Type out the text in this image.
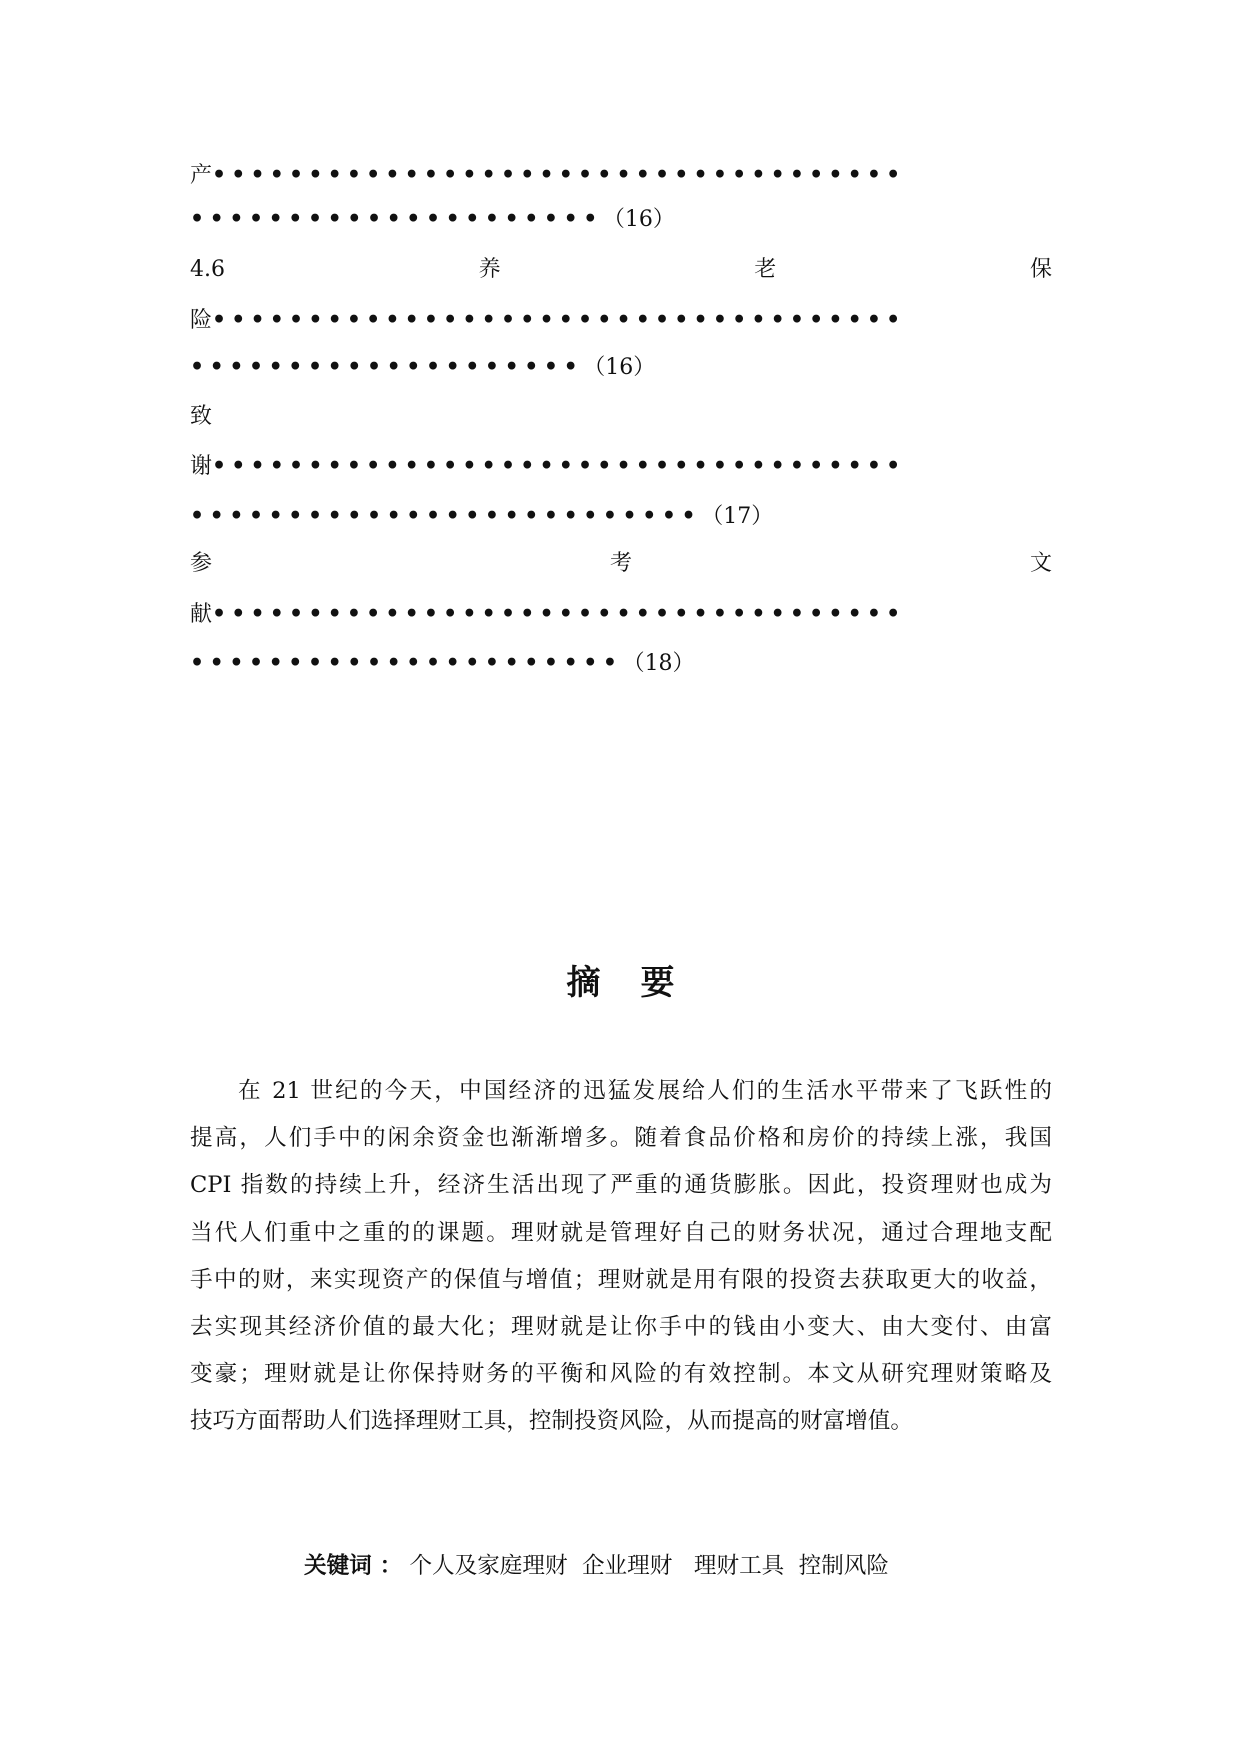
产••••••••••••••••••••••••••••••••••••
•••••••••••••••••••••（16）
4.6	养	老	保
险••••••••••••••••••••••••••••••••••••
••••••••••••••••••••（16）
致
谢••••••••••••••••••••••••••••••••••••
••••••••••••••••••••••••••（17）
参	考	文
献••••••••••••••••••••••••••••••••••••
••••••••••••••••••••••（18）
摘要
在 21 世纪的今天，中国经济的迅猛发展给人们的生活水平带来了飞跃性的
提高，人们手中的闲余资金也渐渐增多。随着食品价格和房价的持续上涨，我国
CPI 指数的持续上升，经济生活出现了严重的通货膨胀。因此，投资理财也成为
当代人们重中之重的的课题。理财就是管理好自己的财务状况，通过合理地支配
手中的财，来实现资产的保值与增值；理财就是用有限的投资去获取更大的收益，
去实现其经济价值的最大化；理财就是让你手中的钱由小变大、由大变付、由富
变豪；理财就是让你保持财务的平衡和风险的有效控制。本文从研究理财策略及
技巧方面帮助人们选择理财工具，控制投资风险，从而提高的财富增值。
关键词 ： 个人及家庭理财  企业理财   理财工具  控制风险
